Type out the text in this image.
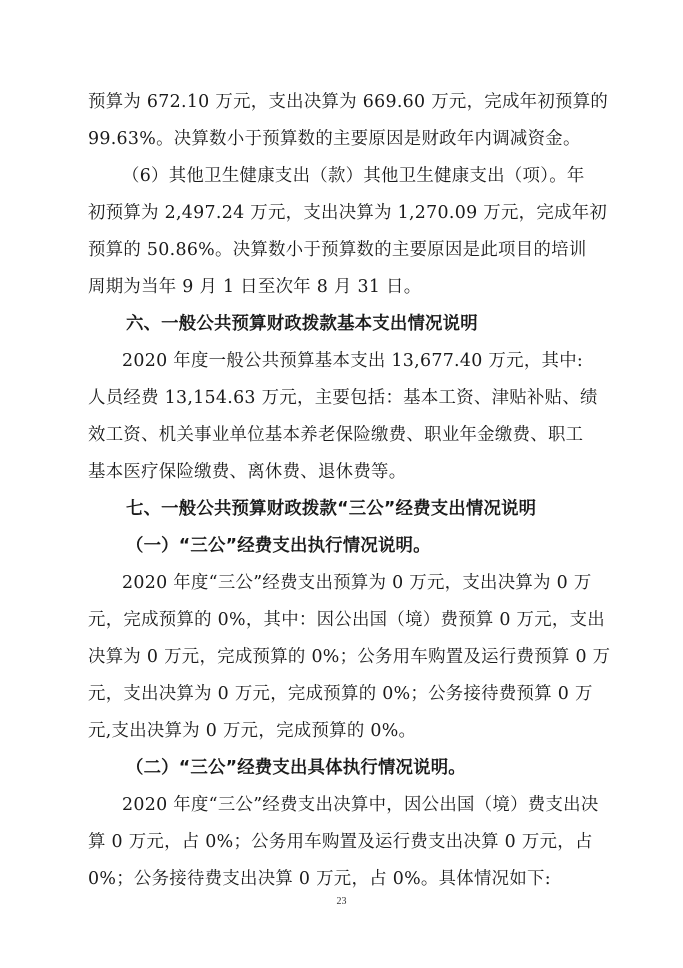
预算为 672.10 万元，支出决算为 669.60 万元，完成年初预算的
99.63%。决算数小于预算数的主要原因是财政年内调减资金。
（6）其他卫生健康支出（款）其他卫生健康支出（项）。年
初预算为 2,497.24 万元，支出决算为 1,270.09 万元，完成年初
预算的 50.86%。决算数小于预算数的主要原因是此项目的培训
周期为当年 9 月 1 日至次年 8 月 31 日。
六、一般公共预算财政拨款基本支出情况说明
2020 年度一般公共预算基本支出 13,677.40 万元，其中:
人员经费 13,154.63 万元，主要包括：基本工资、津贴补贴、绩
效工资、机关事业单位基本养老保险缴费、职业年金缴费、职工
基本医疗保险缴费、离休费、退休费等。
七、一般公共预算财政拨款“三公”经费支出情况说明
（一）“三公”经费支出执行情况说明。
2020 年度“三公”经费支出预算为 0 万元，支出决算为 0 万
元，完成预算的 0%，其中：因公出国（境）费预算 0 万元，支出
决算为 0 万元，完成预算的 0%；公务用车购置及运行费预算 0 万
元，支出决算为 0 万元，完成预算的 0%；公务接待费预算 0 万
元,支出决算为 0 万元，完成预算的 0%。
（二）“三公”经费支出具体执行情况说明。
2020 年度“三公”经费支出决算中，因公出国（境）费支出决
算 0 万元，占 0%；公务用车购置及运行费支出决算 0 万元，占
0%；公务接待费支出决算 0 万元，占 0%。具体情况如下:
23
